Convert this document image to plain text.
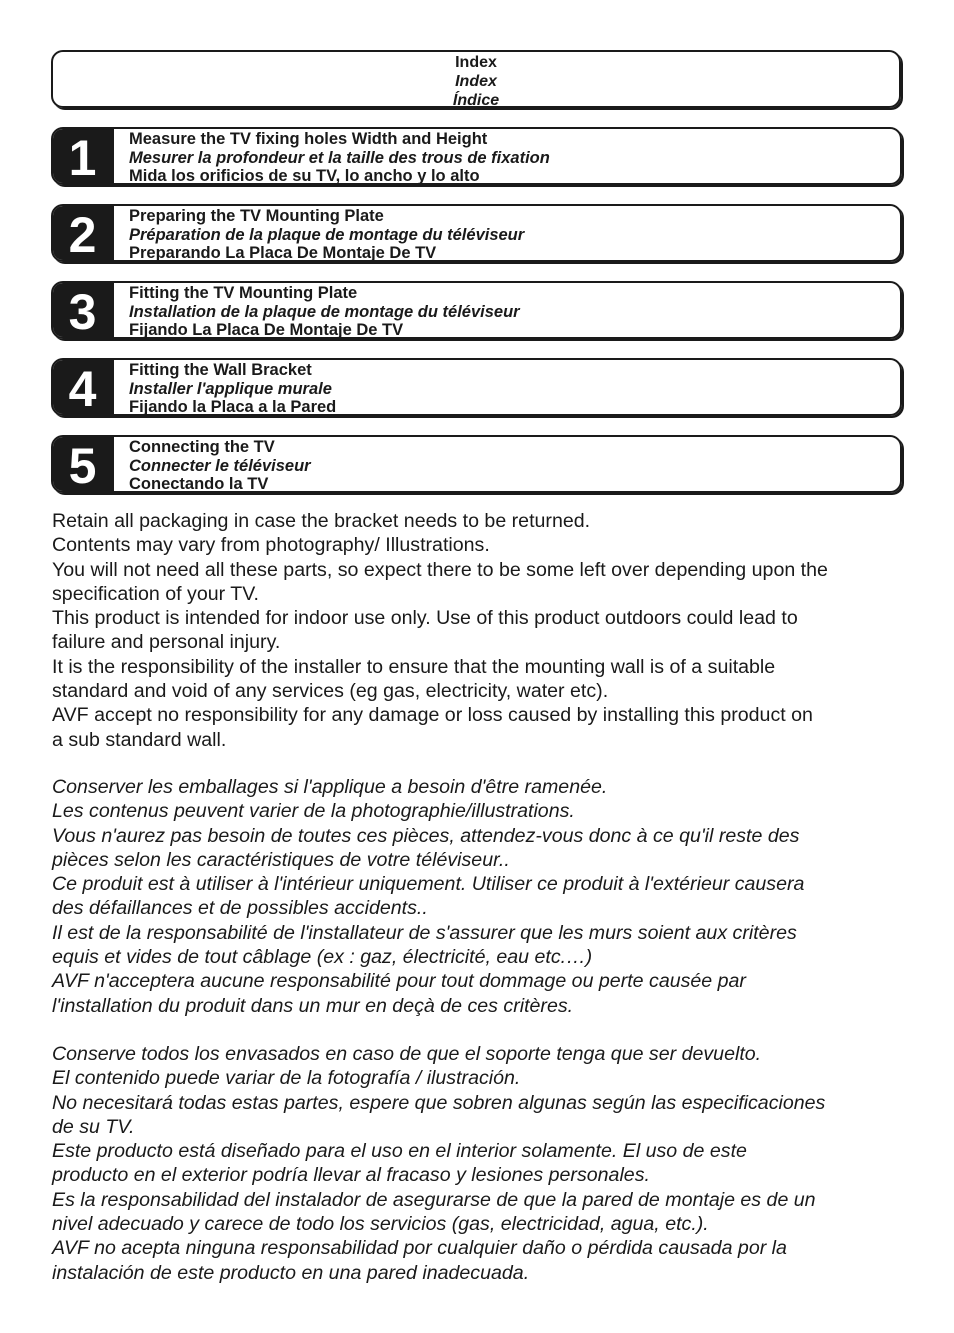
Index
Index
Índice
1	Measure the TV fixing holes Width and Height
Mesurer la profondeur et la taille des trous de fixation
Mida los orificios de su TV, lo ancho y lo alto
2	Preparing the TV Mounting Plate
Préparation de la plaque de montage du téléviseur
Preparando La Placa De Montaje De TV
3	Fitting the TV Mounting Plate
Installation de la plaque de montage du téléviseur
Fijando La Placa De Montaje De TV
4	Fitting the Wall Bracket
Installer l'applique murale
Fijando la Placa a la Pared
5	Connecting the TV
Connecter le téléviseur
Conectando la TV
Retain all packaging in case the bracket needs to be returned.
Contents may vary from photography/ Illustrations.
You will not need all these parts, so expect there to be some left over depending upon the
specification of your TV.
This product is intended for indoor use only. Use of this product outdoors could lead to
failure and personal injury.
It is the responsibility of the installer to ensure that the mounting wall is of a suitable
standard and void of any services (eg gas, electricity, water etc).
AVF accept no responsibility for any damage or loss caused by installing this product on
a sub standard wall.
Conserver les emballages si l'applique a besoin d'être ramenée.
Les contenus peuvent varier de la photographie/illustrations.
Vous n'aurez pas besoin de toutes ces pièces, attendez-vous donc à ce qu'il reste des
pièces selon les caractéristiques de votre téléviseur..
Ce produit est à utiliser à l'intérieur uniquement. Utiliser ce produit à l'extérieur causera
des défaillances et de possibles accidents..
Il est de la responsabilité de l'installateur de s'assurer que les murs soient aux critères
equis et vides de tout câblage (ex : gaz, électricité, eau etc.…)
AVF n'acceptera aucune responsabilité pour tout dommage ou perte causée par
l'installation du produit dans un mur en deçà de ces critères.
Conserve todos los envasados en caso de que el soporte tenga que ser devuelto.
El contenido puede variar de la fotografía / ilustración.
No necesitará todas estas partes, espere que sobren algunas según las especificaciones
de su TV.
Este producto está diseñado para el uso en el interior solamente. El uso de este
producto en el exterior podría llevar al fracaso y lesiones personales.
Es la responsabilidad del instalador de asegurarse de que la pared de montaje es de un
nivel adecuado y carece de todo los servicios (gas, electricidad, agua, etc.).
AVF no acepta ninguna responsabilidad por cualquier daño o pérdida causada por la
instalación de este producto en una pared inadecuada.
